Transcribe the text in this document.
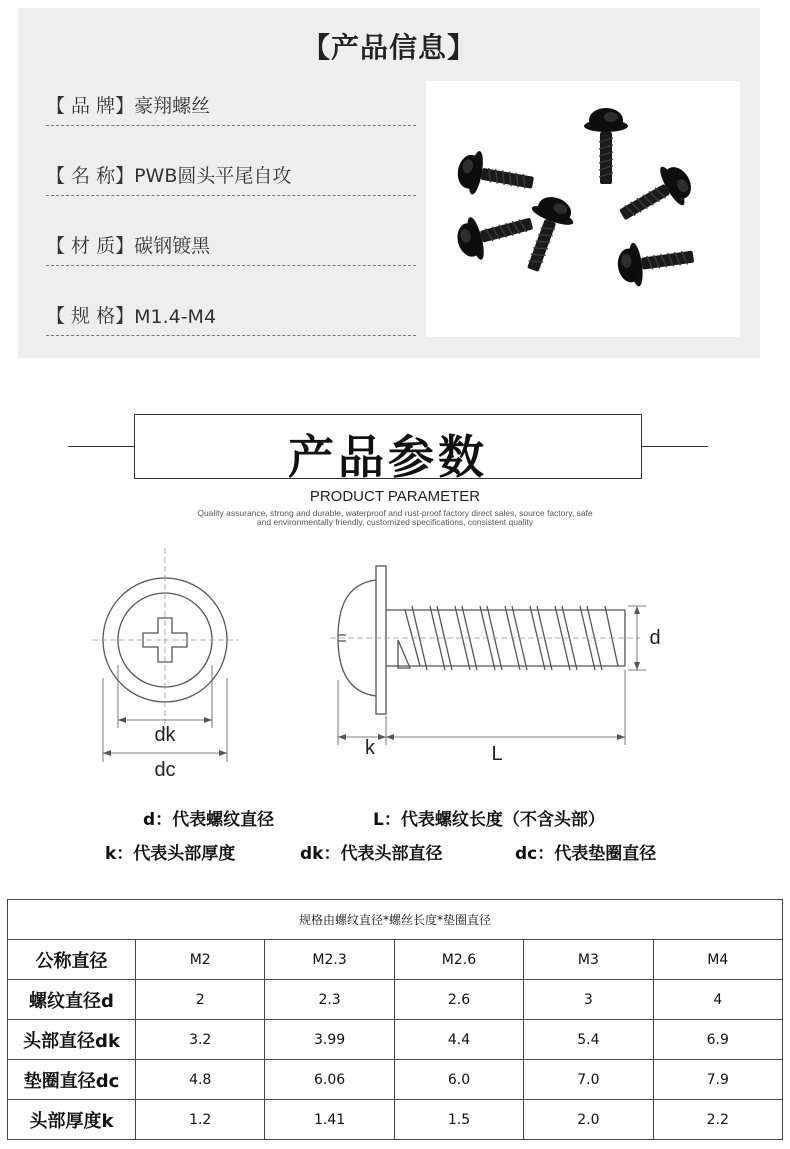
【产品信息】
【 品 牌】 豪翔螺丝
【 名 称】 PWB圆头平尾自攻
【 材 质】 碳钢镀黑
【 规 格】 M1.4-M4
产品参数
PRODUCT PARAMETER
Quality assurance, strong and durable, waterproof and rust-proof factory direct sales, source factory, safe
and environmentally friendly, customized specifications, consistent quality
dk
dc
d
k	L
d：代表螺纹直径	L：代表螺纹长度（不含头部）
k：代表头部厚度	dk：代表头部直径	dc：代表垫圈直径
规格由螺纹直径*螺丝长度*垫圈直径					
公称直径	M2	M2.3	M2.6	M3	M4
螺纹直径d	2	2.3	2.6	3	4
头部直径dk	3.2	3.99	4.4	5.4	6.9
垫圈直径dc	4.8	6.06	6.0	7.0	7.9
头部厚度k	1.2	1.41	1.5	2.0	2.2
